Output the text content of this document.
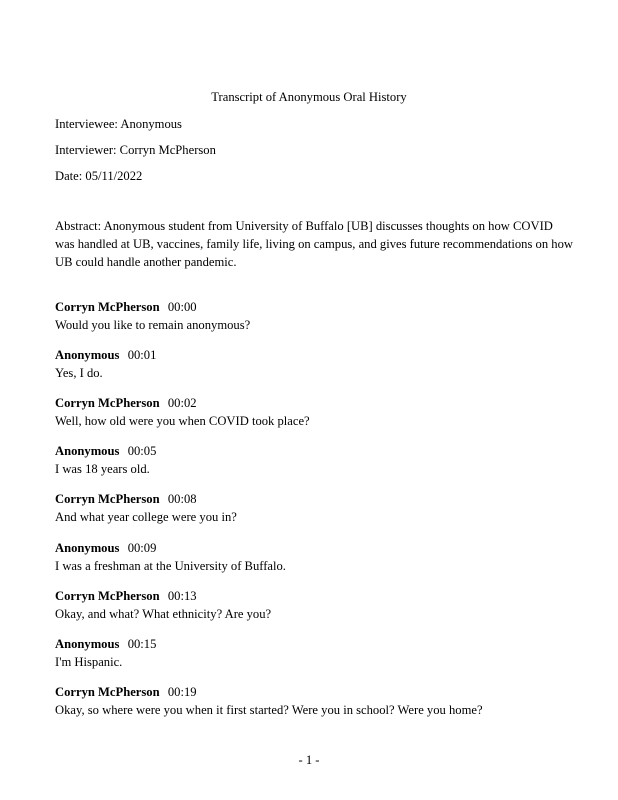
Transcript of Anonymous Oral History
Interviewee: Anonymous
Interviewer: Corryn McPherson
Date: 05/11/2022
Abstract: Anonymous student from University of Buffalo [UB] discusses thoughts on how COVID was handled at UB, vaccines, family life, living on campus, and gives future recommendations on how UB could handle another pandemic.
Corryn McPherson 00:00
Would you like to remain anonymous?
Anonymous 00:01
Yes, I do.
Corryn McPherson 00:02
Well, how old were you when COVID took place?
Anonymous 00:05
I was 18 years old.
Corryn McPherson 00:08
And what year college were you in?
Anonymous 00:09
I was a freshman at the University of Buffalo.
Corryn McPherson 00:13
Okay, and what? What ethnicity? Are you?
Anonymous 00:15
I'm Hispanic.
Corryn McPherson 00:19
Okay, so where were you when it first started? Were you in school? Were you home?
- 1 -
